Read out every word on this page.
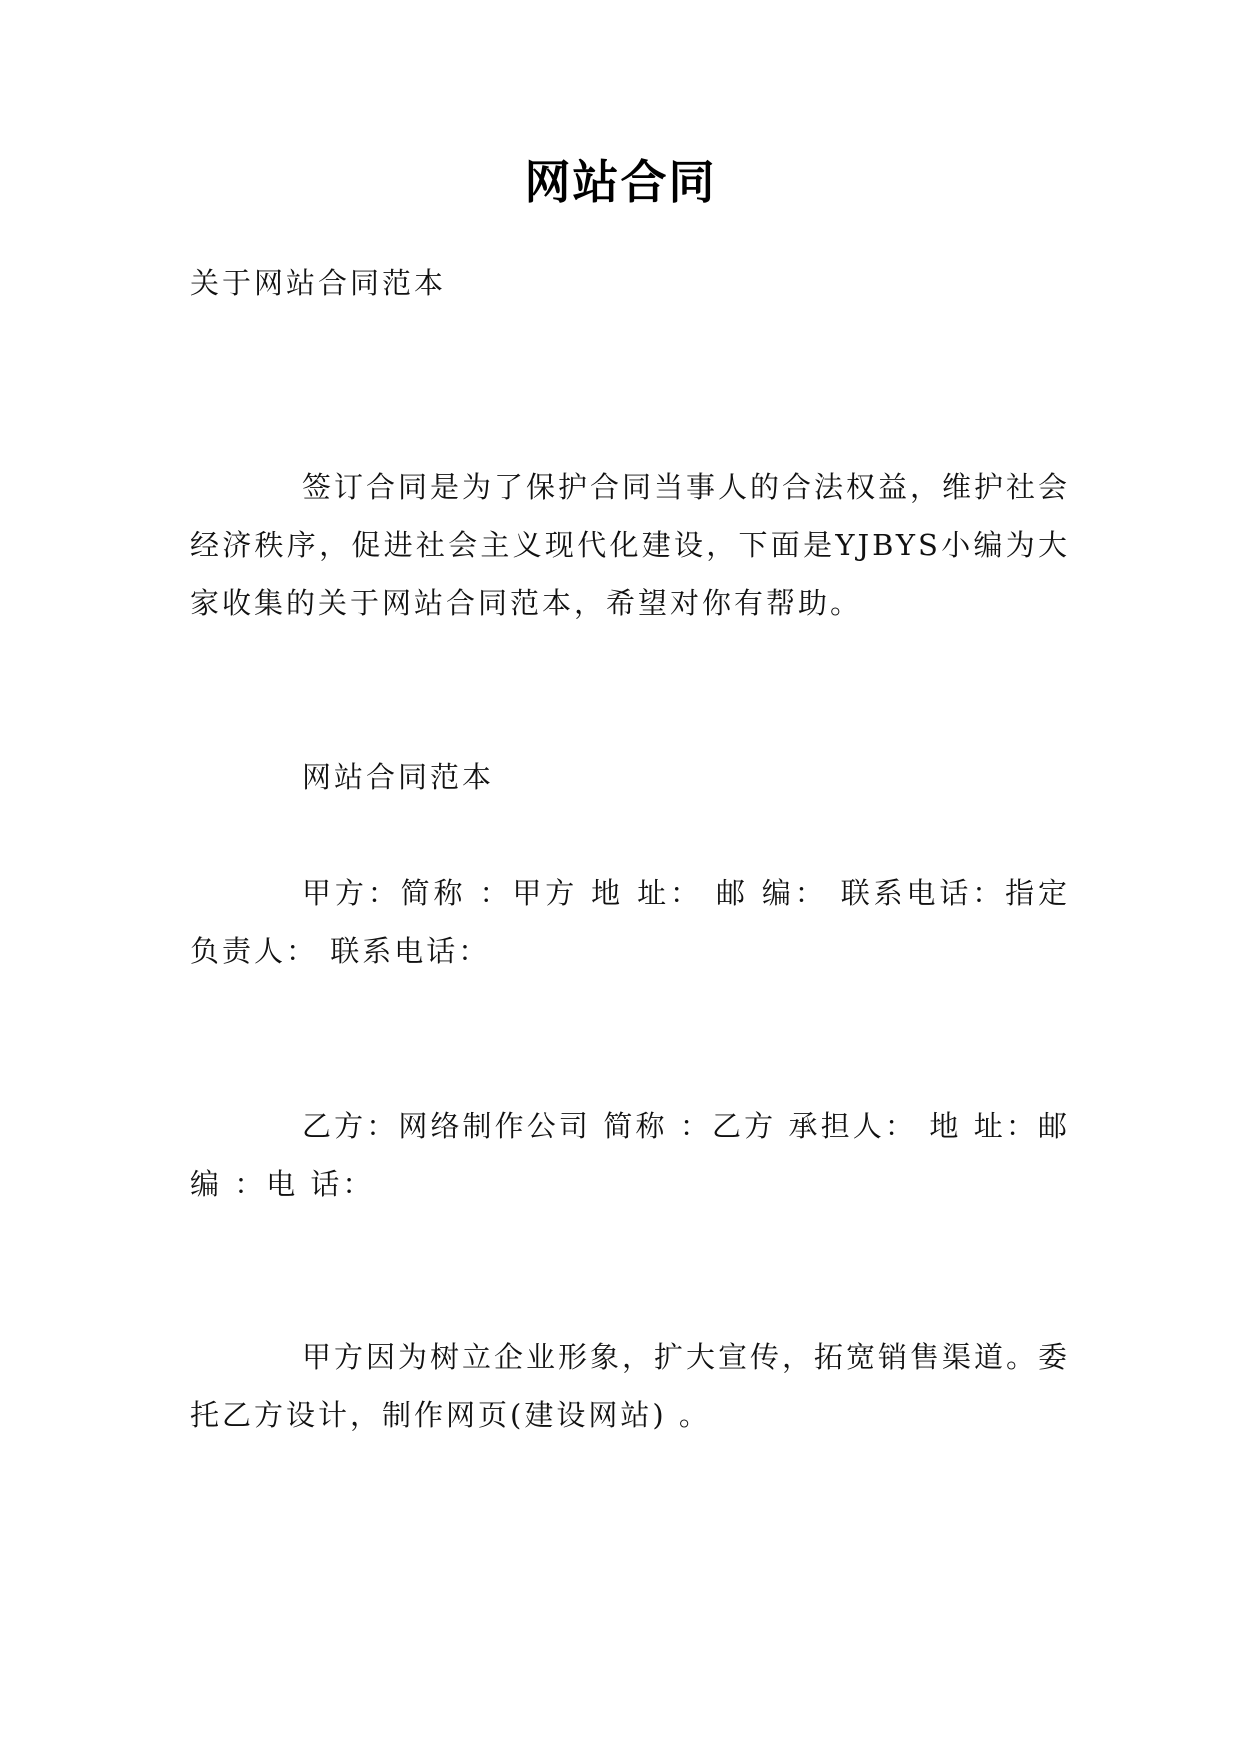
网站合同

关于网站合同范本

签订合同是为了保护合同当事人的合法权益，维护社会经济秩序，促进社会主义现代化建设，下面是YJBYS小编为大家收集的关于网站合同范本，希望对你有帮助。

网站合同范本

甲方：简称 ：甲方 地 址： 邮 编： 联系电话：指定负责人： 联系电话：

乙方：网络制作公司 简称 ：乙方 承担人： 地 址：邮编 ：电 话：

甲方因为树立企业形象，扩大宣传，拓宽销售渠道。委托乙方设计，制作网页(建设网站) 。
